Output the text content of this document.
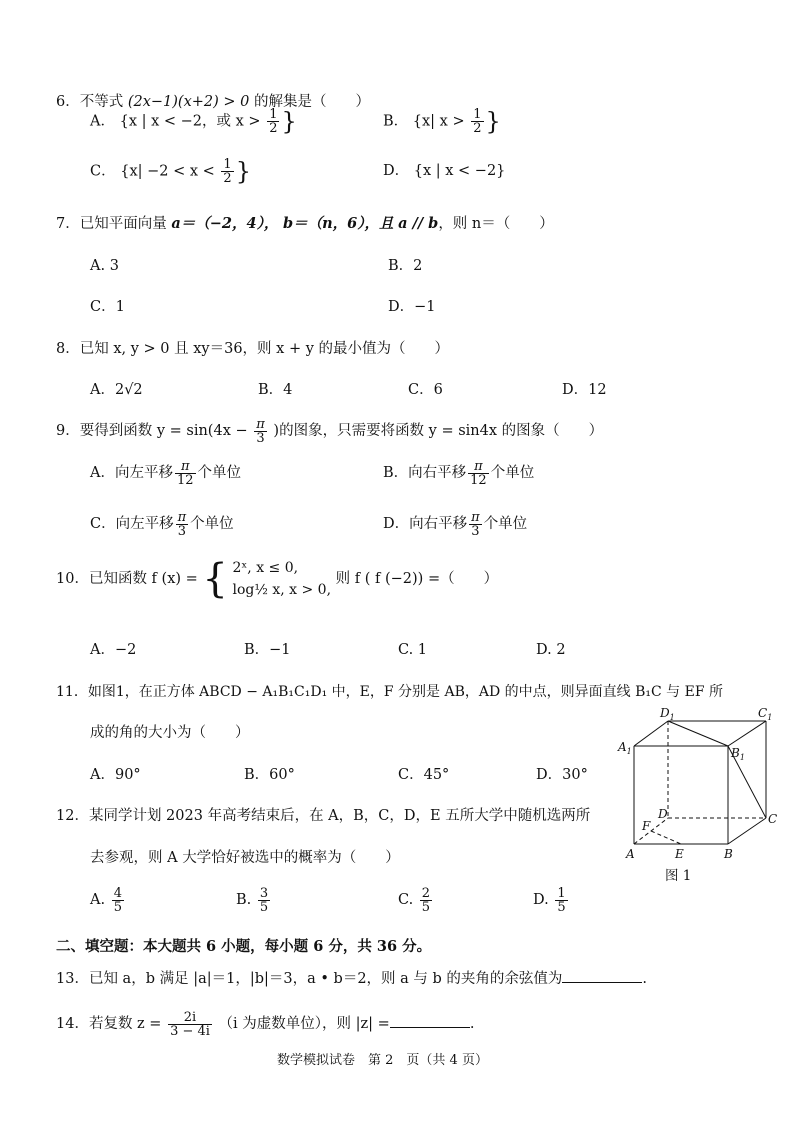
6．不等式 (2x−1)(x+2) > 0 的解集是（　　）
A． {x | x < −2，或 $x > \frac{1}{2}$ }	B． {x| $x > \frac{1}{2}$ }
C． {$x| -2 < x < \frac{1}{2}$ }	D． {x | x < −2}
7．已知平面向量 a＝（−2，4）， b＝（n，6），且 a // b，则 n＝（　　）
A. 3	B．2
C．1	D．−1
8．已知 x, y > 0 且 xy＝36，则 x + y 的最小值为（　　）
A．2√2	B．4	C．6	D．12
9．要得到函数 $y = \sin(4x - \frac{\pi}{3}$ )的图象，只需要将函数 y = sin4x 的图象（　　）
A．向左平移 $\frac{\pi}{12}$ 个单位	B．向右平移 $\frac{\pi}{12}$ 个单位
C．向左平移 $\frac{\pi}{3}$ 个单位	D．向右平移 $\frac{\pi}{3}$ 个单位
10．已知函数 f (x) = { 2ˣ, x ≤ 0,
log½ x, x > 0,
则 f ( f (−2)) =（　　）
A．−2	B．−1	C. 1	D. 2
11．如图1，在正方体 ABCD − A₁B₁C₁D₁ 中，E，F 分别是 AB，AD 的中点，则异面直线 B₁C 与 EF 所
成的角的大小为（　　）
A．90°	B．60°	C．45°	D．30°
12．某同学计划 2023 年高考结束后，在 A，B，C，D，E 五所大学中随机选两所
去参观，则 A 大学恰好被选中的概率为（　　）
A. $\frac{4}{5}$	B. $\frac{3}{5}$	C. $\frac{2}{5}$	D. $\frac{1}{5}$
$D_1$	$C_1$
$A_1$	$B_1$
D	C
F
A	E	B
图 1
二、填空题：本大题共 6 小题，每小题 6 分，共 36 分。
13．已知 a，b 满足 |a|＝1，|b|＝3，a • b＝2，则 a 与 b 的夹角的余弦值为	.
14．若复数 $z = \frac{2i}{3 - 4i} (i$ 为虚数单位），则 |z| =	.
数学模拟试卷　第 2　页（共 4 页）
